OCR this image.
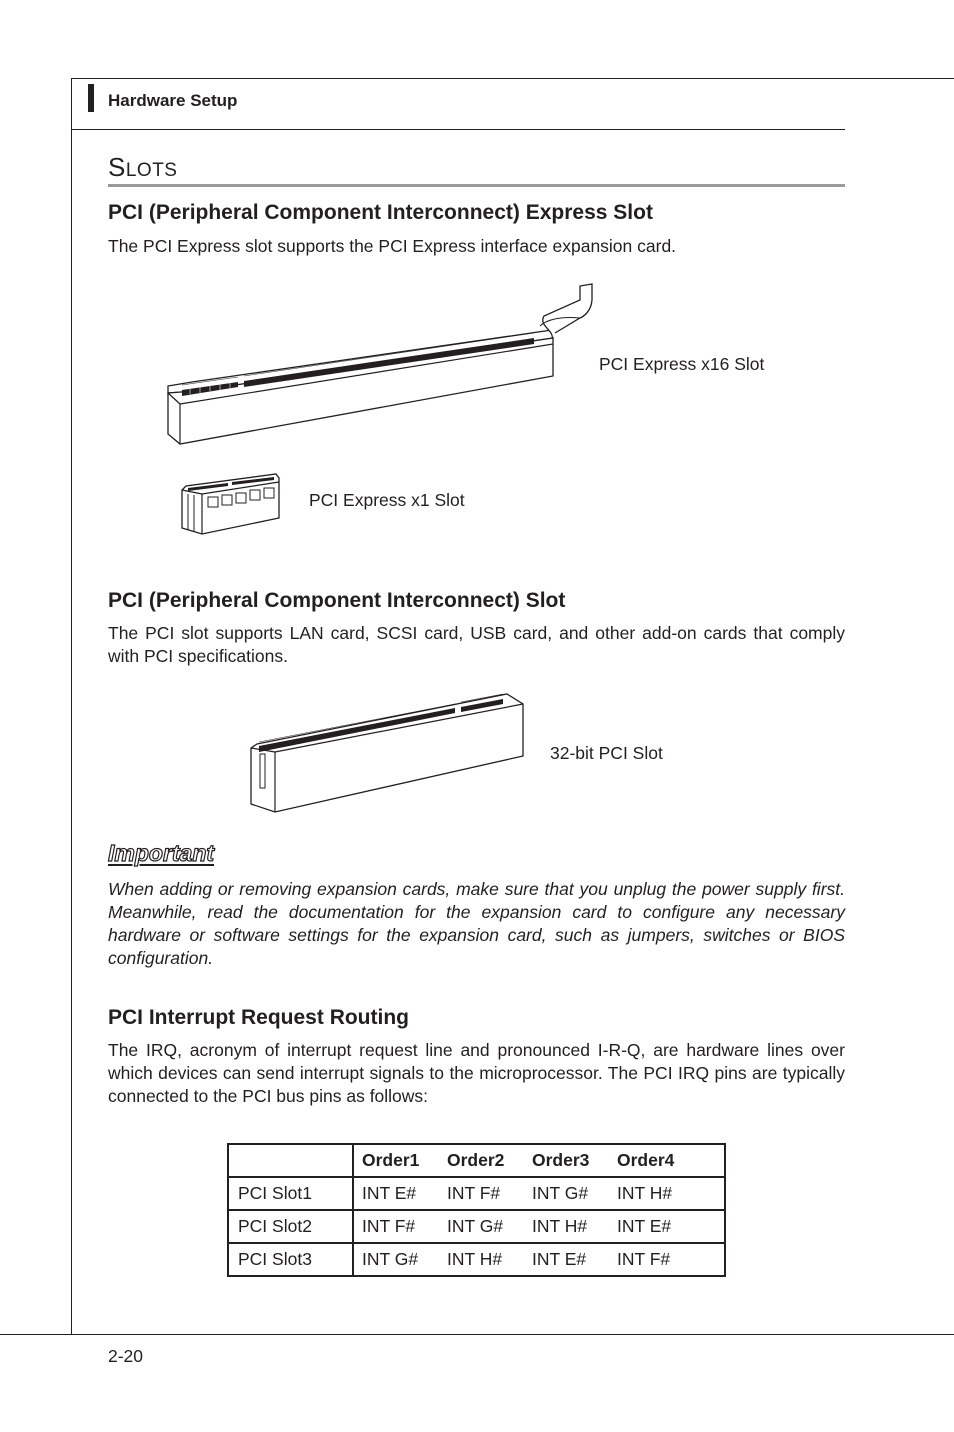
Hardware Setup
SLOTS
PCI (Peripheral Component Interconnect) Express Slot
The PCI Express slot supports the PCI Express interface expansion card.
PCI Express x16 Slot
PCI Express x1 Slot
PCI (Peripheral Component Interconnect) Slot
The PCI slot supports LAN card, SCSI card, USB card, and other add-on cards that comply with PCI specifications.
32-bit PCI Slot
Important
When adding or removing expansion cards, make sure that you unplug the power supply first. Meanwhile, read the documentation for the expansion card to configure any necessary hardware or software settings for the expansion card, such as jumpers, switches or BIOS configuration.
PCI Interrupt Request Routing
The IRQ, acronym of interrupt request line and pronounced I-R-Q, are hardware lines over which devices can send interrupt signals to the microprocessor. The PCI IRQ pins are typically connected to the PCI bus pins as follows:
	Order1	Order2	Order3	Order4
PCI Slot1	INT E#	INT F#	INT G#	INT H#
PCI Slot2	INT F#	INT G#	INT H#	INT E#
PCI Slot3	INT G#	INT H#	INT E#	INT F#
2-20
